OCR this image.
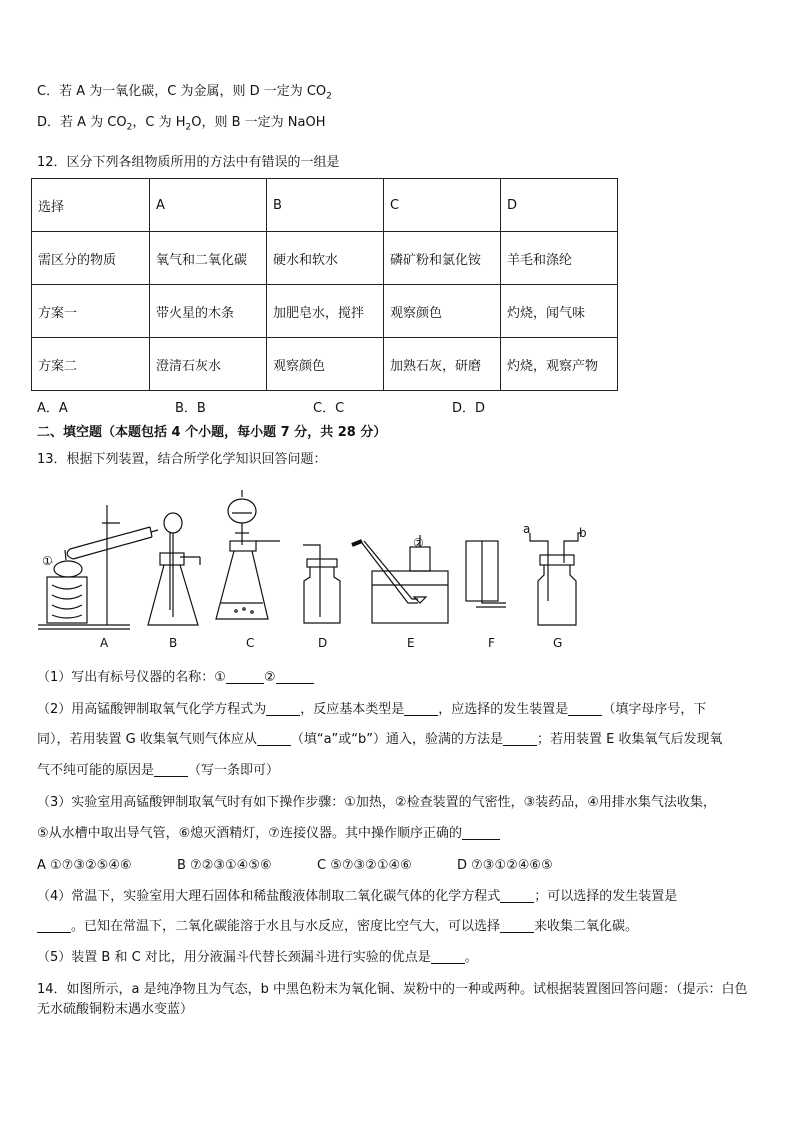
C．若 A 为一氧化碳，C 为金属，则 D 一定为 $CO_2$
D．若 A 为 $CO_2$，C 为 $H_2O$，则 B 一定为 NaOH
12．区分下列各组物质所用的方法中有错误的一组是
选择	A	B	C	D
需区分的物质	氧气和二氧化碳	硬水和软水	磷矿粉和氯化铵	羊毛和涤纶
方案一	带火星的木条	加肥皂水，搅拌	观察颜色	灼烧，闻气味
方案二	澄清石灰水	观察颜色	加熟石灰，研磨	灼烧，观察产物
A．A	B．B	C．C	D．D
二、填空题（本题包括 4 个小题，每小题 7 分，共 28 分）
13．根据下列装置，结合所学化学知识回答问题：
①
②
a	b
A	B	C	D	E	F	G
（1）写出有标号仪器的名称：①	②
（2）用高锰酸钾制取氧气化学方程式为	，反应基本类型是	，应选择的发生装置是	（填字母序号，下
同），若用装置 G 收集氧气则气体应从	（填“a”或“b”）通入，验满的方法是	；若用装置 E 收集氧气后发现氧
气不纯可能的原因是	（写一条即可）
（3）实验室用高锰酸钾制取氧气时有如下操作步骤：①加热，②检查装置的气密性，③装药品，④用排水集气法收集，
⑤从水槽中取出导气管，⑥熄灭酒精灯，⑦连接仪器。其中操作顺序正确的
A ①⑦③②⑤④⑥	B ⑦②③①④⑤⑥	C ⑤⑦③②①④⑥	D ⑦③①②④⑥⑤
（4）常温下，实验室用大理石固体和稀盐酸液体制取二氧化碳气体的化学方程式	；可以选择的发生装置是
。已知在常温下，二氧化碳能溶于水且与水反应，密度比空气大，可以选择	来收集二氧化碳。
（5）装置 B 和 C 对比，用分液漏斗代替长颈漏斗进行实验的优点是	。
14．如图所示，a 是纯净物且为气态，b 中黑色粉末为氧化铜、炭粉中的一种或两种。试根据装置图回答问题：（提示：白色无水硫酸铜粉末遇水变蓝）
